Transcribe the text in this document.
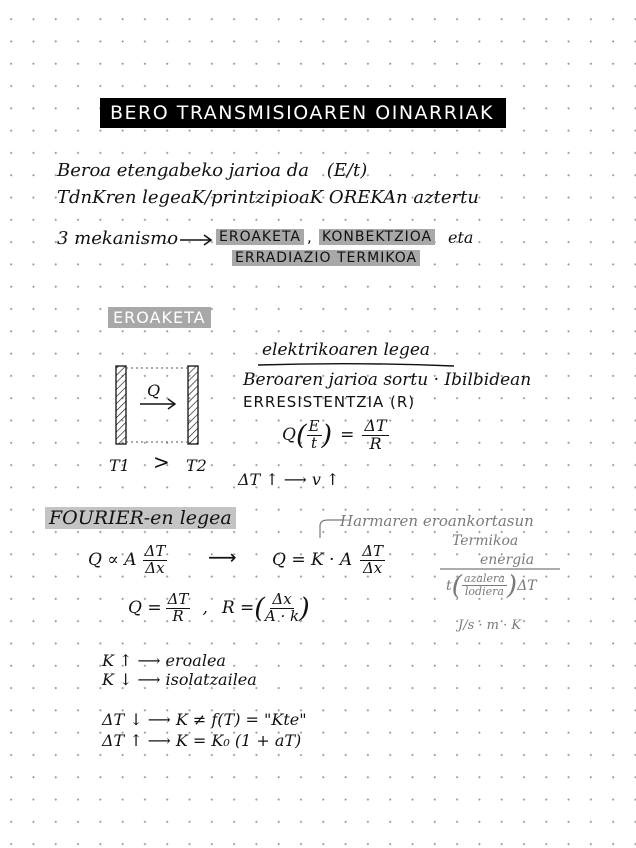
BERO TRANSMISIOAREN OINARRIAK
Beroa etengabeko jarioa da (E/t)
TdnKren legeaK/printzipioaK OREKAn aztertu
3 mekanismo	EROAKETA , KONBEKTZIOA eta
ERRADIAZIO TERMIKOA
EROAKETA
elektrikoaren legea
Beroaren jarioa sortu · Ibilbidean
ERRESISTENTZIA (R)
Q
T1 > T2
Q ( $\frac{E}{t}$ ) = $\frac{\Delta T}{R}$
ΔT ↑ ⟶ v ↑
FOURIER-en legea
Q ∝ A $\frac{\Delta T}{\Delta x}$ ⟶ Q = K · A $\frac{\Delta T}{\Delta x}$
$Q = \frac{\Delta T}{R}$ , R = ( $\frac{\Delta x}{A \cdot k}$ )
Harmaren eroankortasun
Termikoa
energia
t ( $\frac{\text{azalera}}{\text{lodiera}}$ ) ΔT
J/s · m · K
K ↑ ⟶ eroalea
K ↓ ⟶ isolatzailea
ΔT ↓ ⟶ K ≠ f(T) = "Kte"
ΔT ↑ ⟶ K = K₀ (1 + aT)
